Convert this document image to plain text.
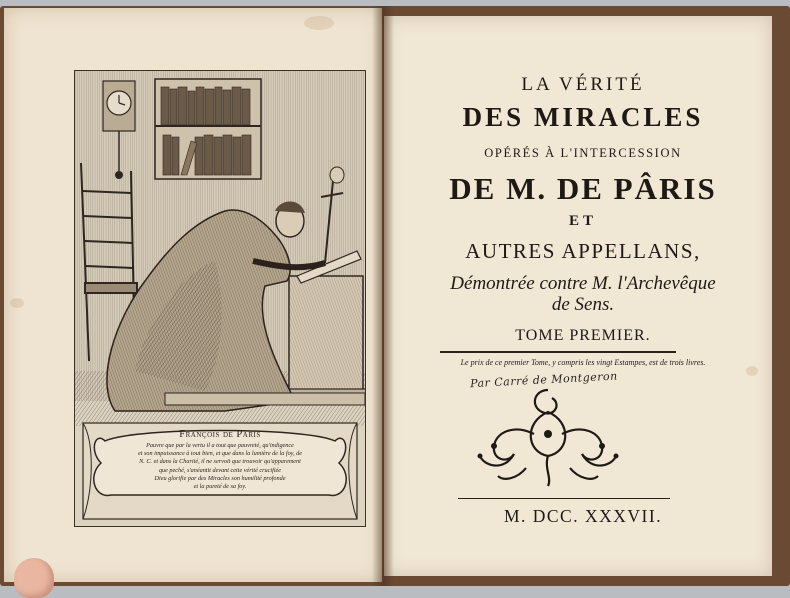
François de Paris
Pauvre que par la vertu il a tout que pauvreté, qu'indigence
et son impuissance à tout bien, et que dans la lumière de la foy, de
N. C. et dans la Charité, il ne servoit que trouvoir qu'apparement
que peché, s'anéantit devant cette vérité crucifiée
Dieu glorifie par des Miracles son humilité profonde
et la pureté de sa foy.
LA VÉRITÉ
DES MIRACLES
OPÉRÉS À L'INTERCESSION
DE M. DE PÂRIS
ET
AUTRES APPELLANS,
Démontrée contre M. l'Archevêque
de Sens.
TOME PREMIER.
Le prix de ce premier Tome, y compris les vingt Estampes, est de trois livres.
Par Carré de Montgeron
M. DCC. XXXVII.
